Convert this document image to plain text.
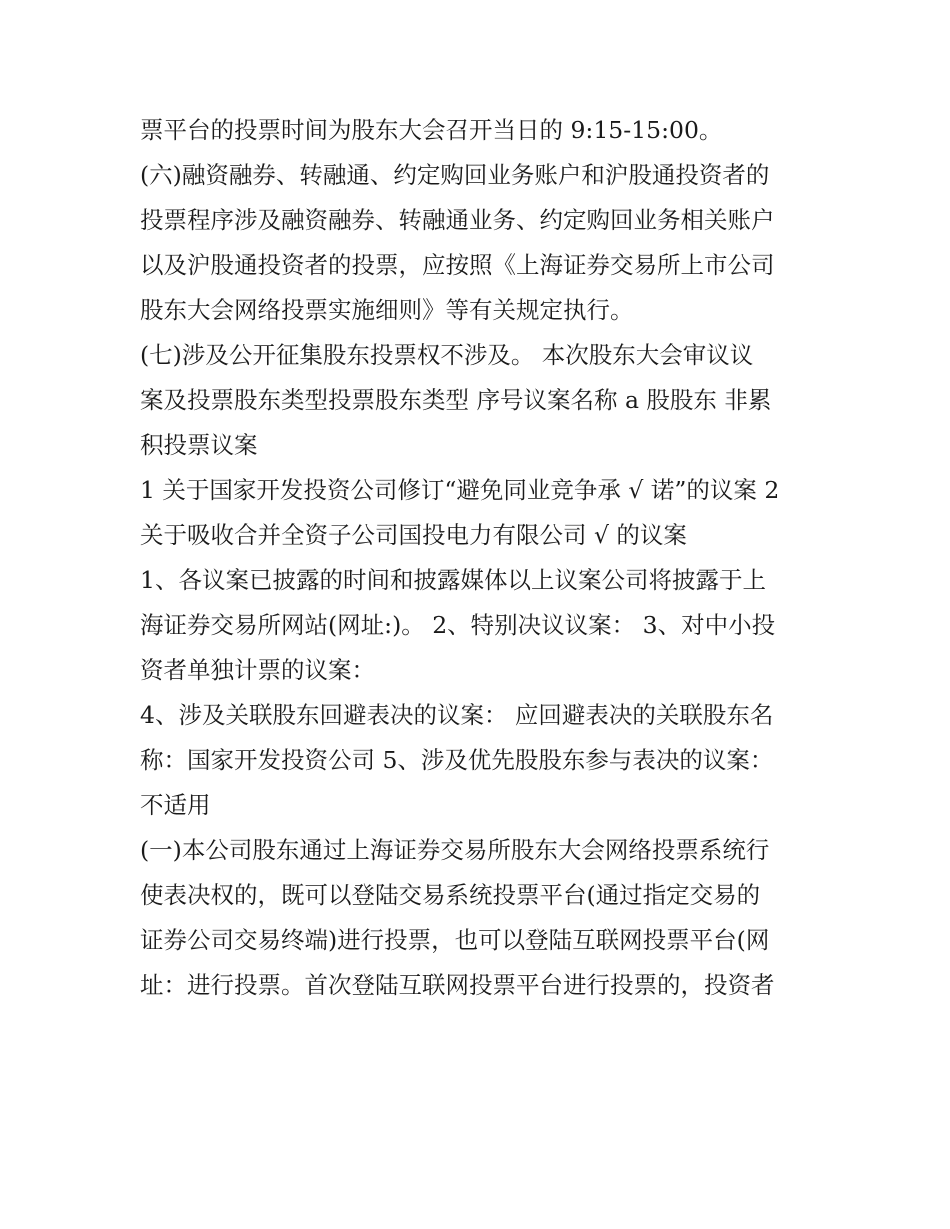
票平台的投票时间为股东大会召开当日的 9:15-15:00。
(六)融资融券、转融通、约定购回业务账户和沪股通投资者的
投票程序涉及融资融券、转融通业务、约定购回业务相关账户
以及沪股通投资者的投票，应按照《上海证券交易所上市公司
股东大会网络投票实施细则》等有关规定执行。
(七)涉及公开征集股东投票权不涉及。 本次股东大会审议议
案及投票股东类型投票股东类型 序号议案名称 a 股股东 非累
积投票议案
1 关于国家开发投资公司修订“避免同业竞争承 √ 诺”的议案 2
关于吸收合并全资子公司国投电力有限公司 √ 的议案
1、各议案已披露的时间和披露媒体以上议案公司将披露于上
海证券交易所网站(网址:)。 2、特别决议议案： 3、对中小投
资者单独计票的议案：
4、涉及关联股东回避表决的议案： 应回避表决的关联股东名
称：国家开发投资公司 5、涉及优先股股东参与表决的议案：
不适用
(一)本公司股东通过上海证券交易所股东大会网络投票系统行
使表决权的，既可以登陆交易系统投票平台(通过指定交易的
证券公司交易终端)进行投票，也可以登陆互联网投票平台(网
址：进行投票。首次登陆互联网投票平台进行投票的，投资者
